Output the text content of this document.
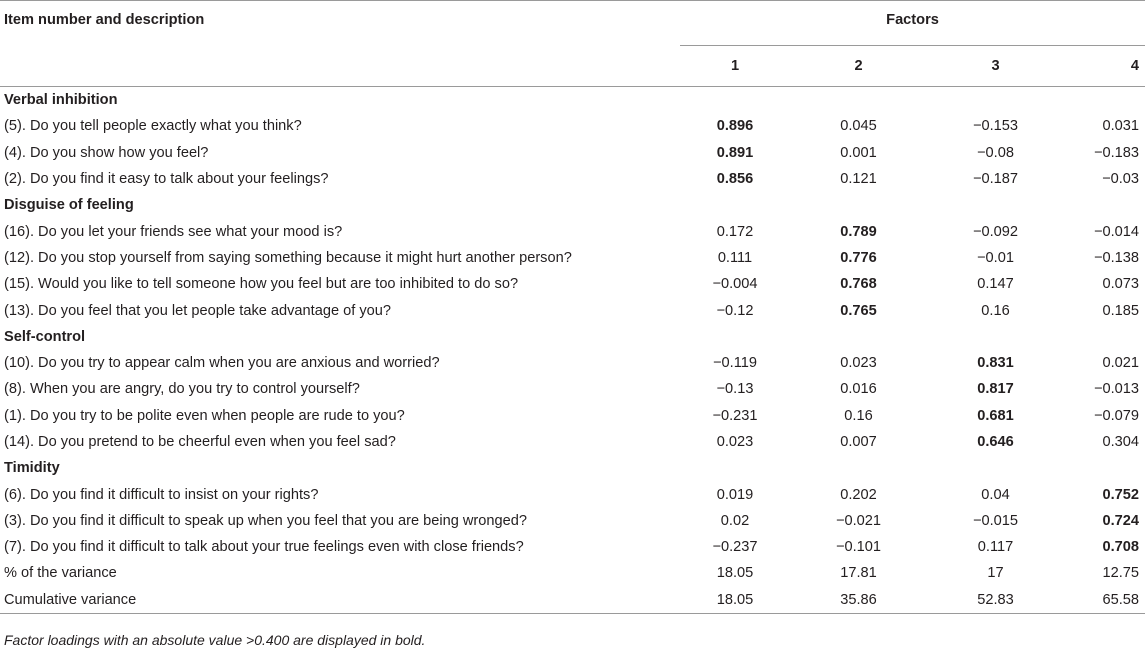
Item number and description	Factors			
	1	2	3	4
Verbal inhibition				
(5). Do you tell people exactly what you think?	0.896	0.045	−0.153	0.031
(4). Do you show how you feel?	0.891	0.001	−0.08	−0.183
(2). Do you find it easy to talk about your feelings?	0.856	0.121	−0.187	−0.03
Disguise of feeling				
(16). Do you let your friends see what your mood is?	0.172	0.789	−0.092	−0.014
(12). Do you stop yourself from saying something because it might hurt another person?	0.111	0.776	−0.01	−0.138
(15). Would you like to tell someone how you feel but are too inhibited to do so?	−0.004	0.768	0.147	0.073
(13). Do you feel that you let people take advantage of you?	−0.12	0.765	0.16	0.185
Self-control				
(10). Do you try to appear calm when you are anxious and worried?	−0.119	0.023	0.831	0.021
(8). When you are angry, do you try to control yourself?	−0.13	0.016	0.817	−0.013
(1). Do you try to be polite even when people are rude to you?	−0.231	0.16	0.681	−0.079
(14). Do you pretend to be cheerful even when you feel sad?	0.023	0.007	0.646	0.304
Timidity				
(6). Do you find it difficult to insist on your rights?	0.019	0.202	0.04	0.752
(3). Do you find it difficult to speak up when you feel that you are being wronged?	0.02	−0.021	−0.015	0.724
(7). Do you find it difficult to talk about your true feelings even with close friends?	−0.237	−0.101	0.117	0.708
% of the variance	18.05	17.81	17	12.75
Cumulative variance	18.05	35.86	52.83	65.58
Factor loadings with an absolute value >0.400 are displayed in bold.
